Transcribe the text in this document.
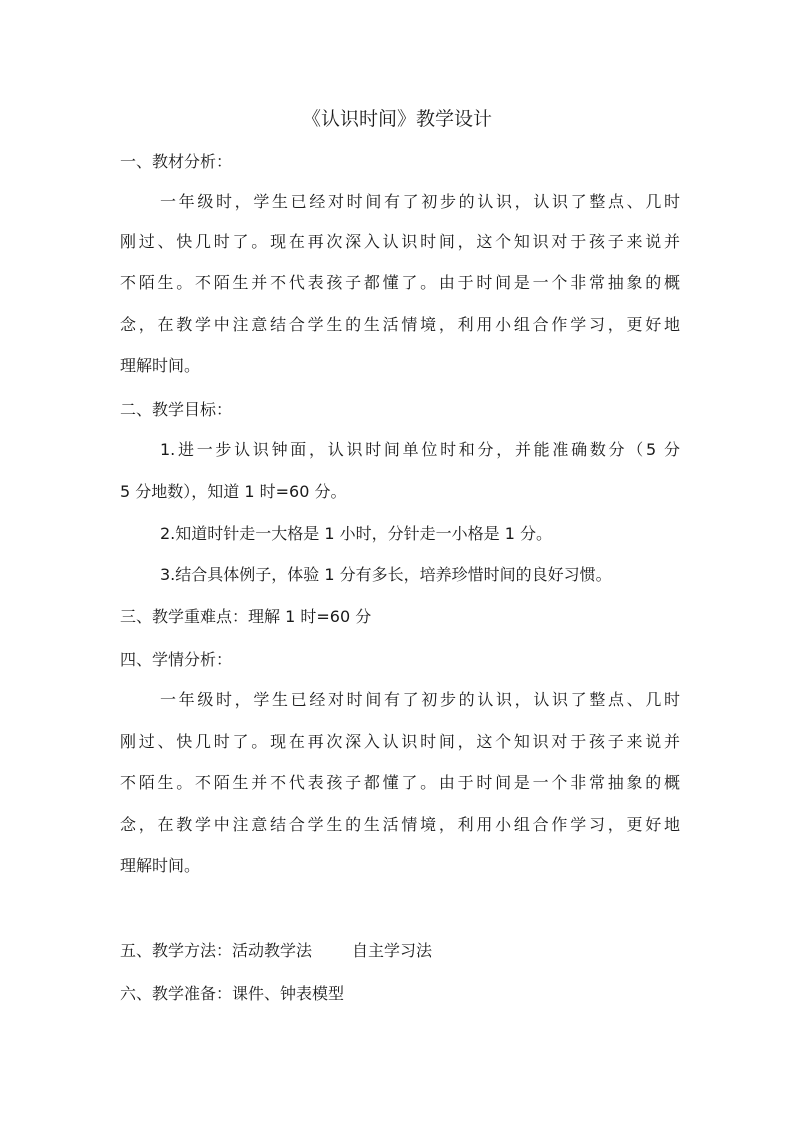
《认识时间》教学设计
一、教材分析：
一年级时，学生已经对时间有了初步的认识，认识了整点、几时
刚过、快几时了。现在再次深入认识时间，这个知识对于孩子来说并
不陌生。不陌生并不代表孩子都懂了。由于时间是一个非常抽象的概
念，在教学中注意结合学生的生活情境，利用小组合作学习，更好地
理解时间。
二、教学目标：
1.进一步认识钟面，认识时间单位时和分，并能准确数分（5 分
5 分地数），知道 1 时=60 分。
2.知道时针走一大格是 1 小时，分针走一小格是 1 分。
3.结合具体例子，体验 1 分有多长，培养珍惜时间的良好习惯。
三、教学重难点：理解 1 时=60 分
四、学情分析：
一年级时，学生已经对时间有了初步的认识，认识了整点、几时
刚过、快几时了。现在再次深入认识时间，这个知识对于孩子来说并
不陌生。不陌生并不代表孩子都懂了。由于时间是一个非常抽象的概
念，在教学中注意结合学生的生活情境，利用小组合作学习，更好地
理解时间。
五、教学方法：活动教学法	自主学习法
六、教学准备：课件、钟表模型
